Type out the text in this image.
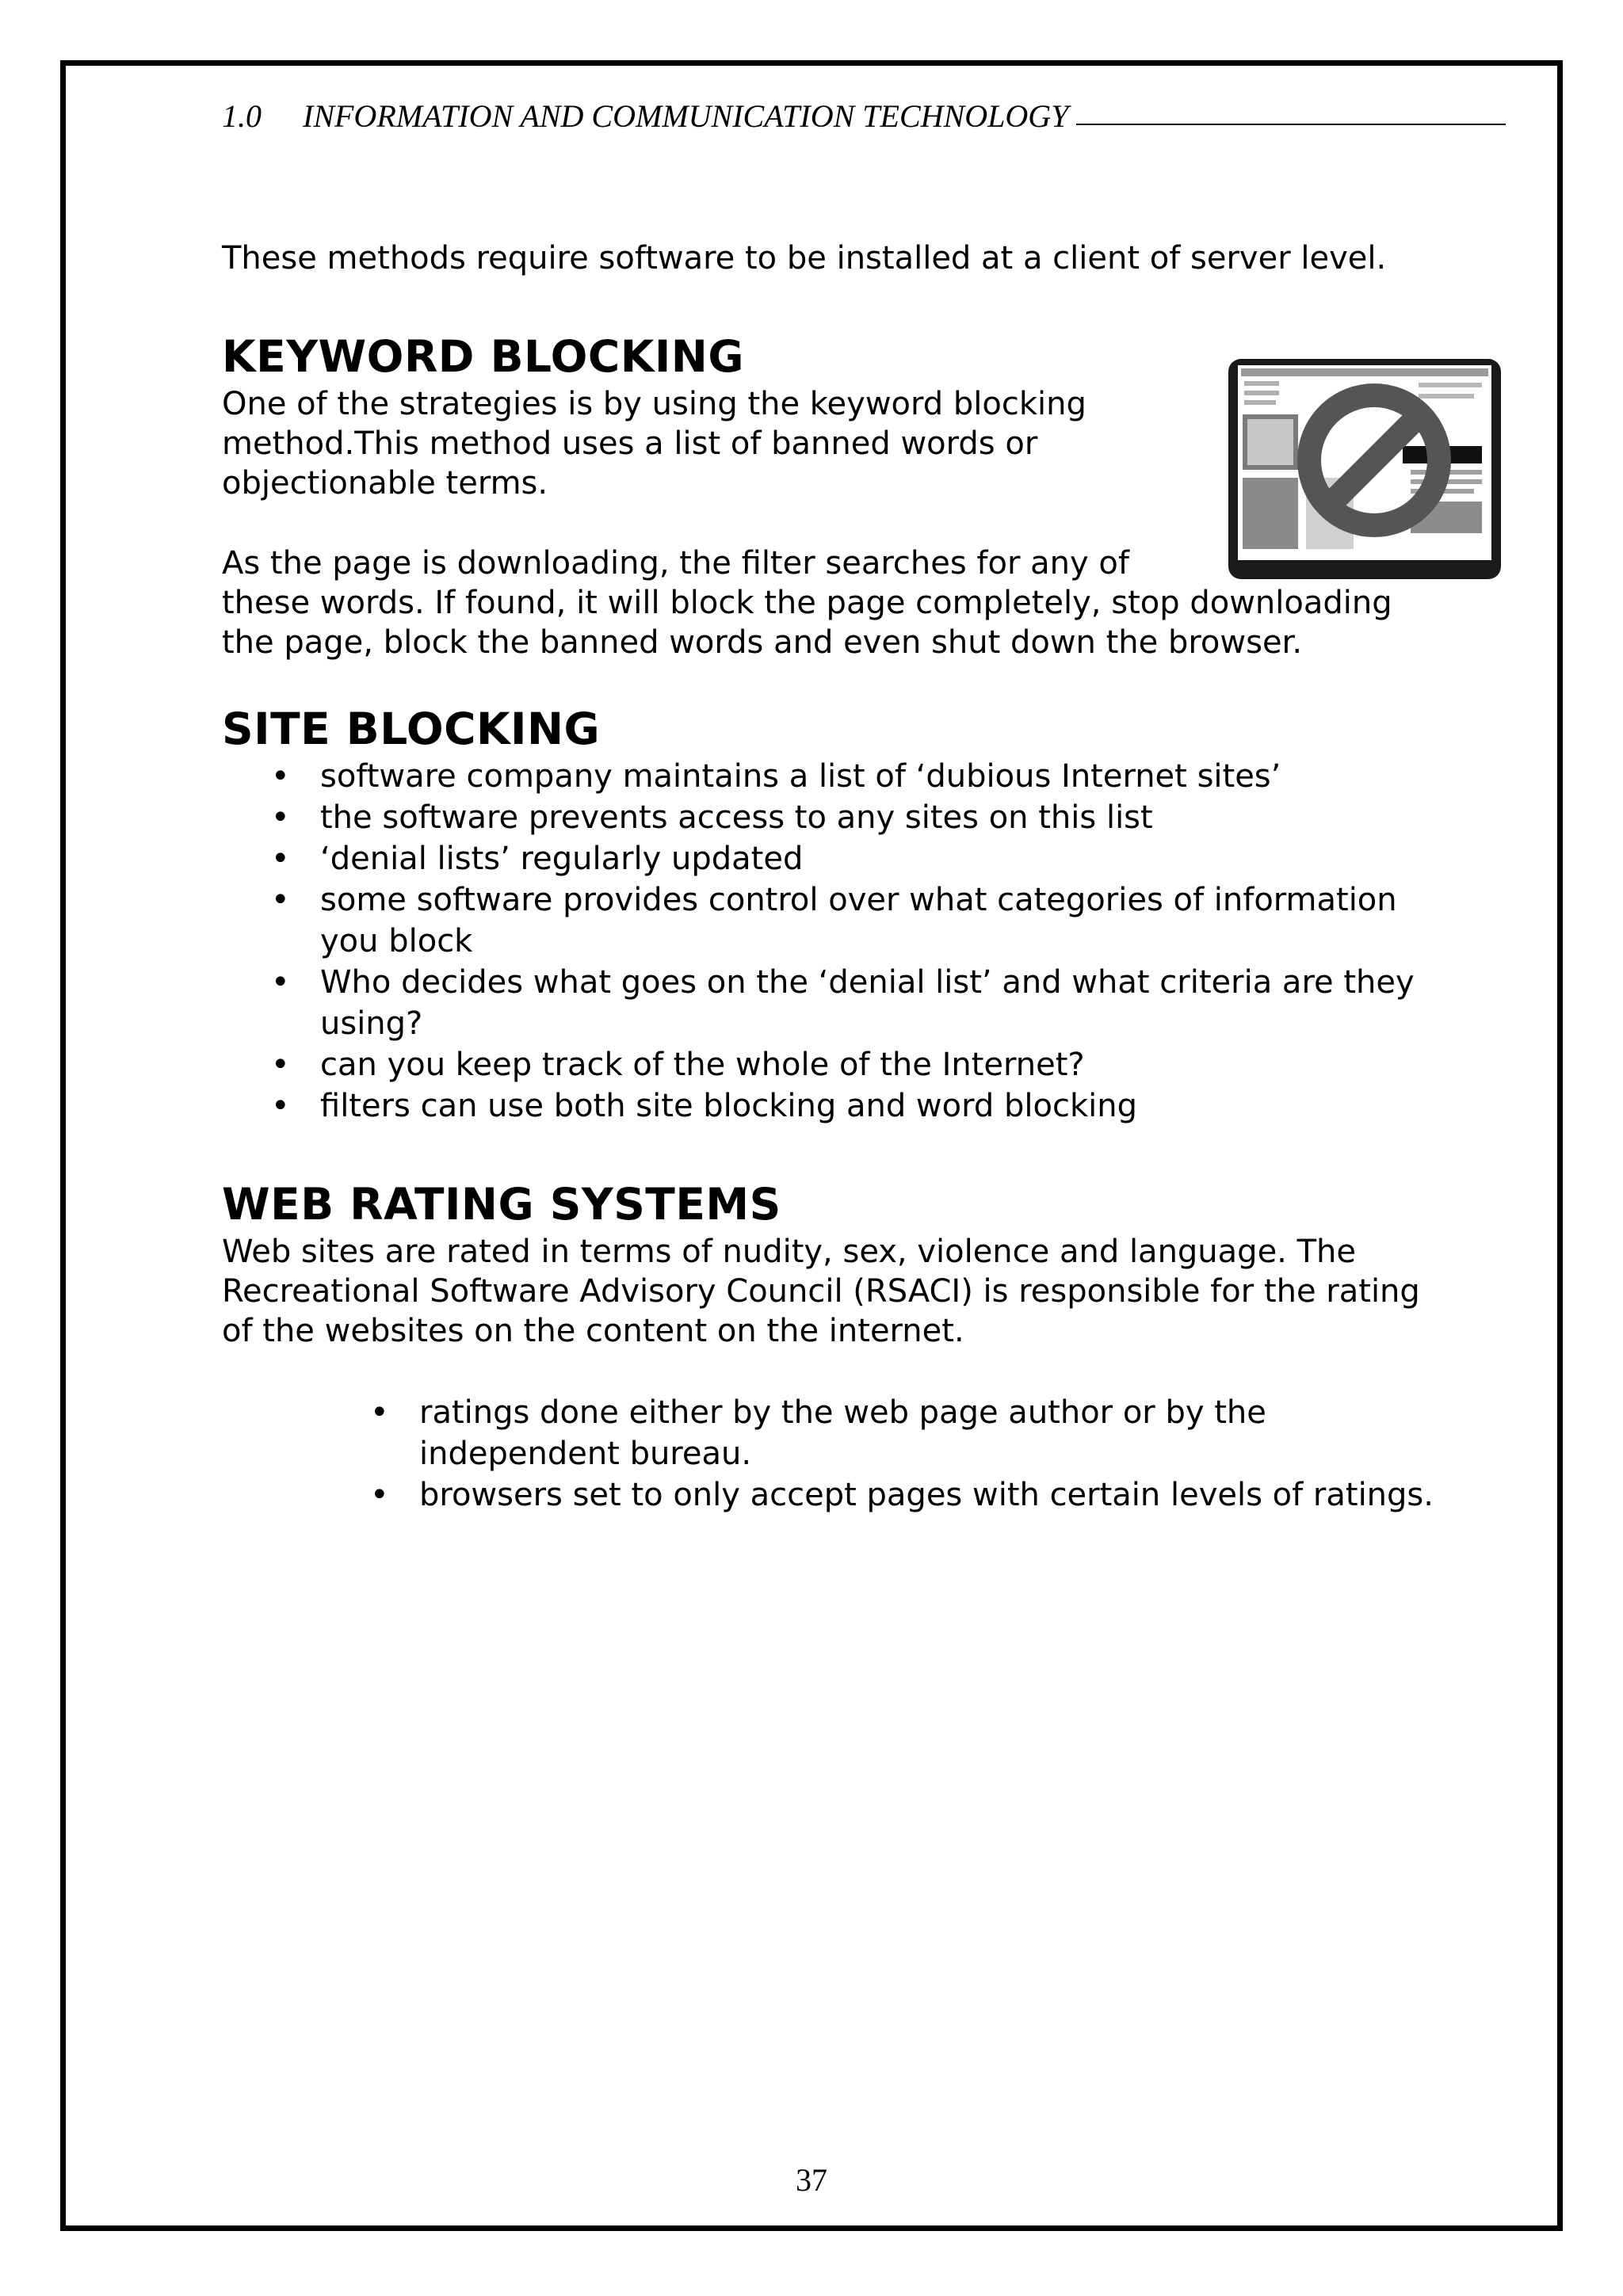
1.0 INFORMATION AND COMMUNICATION TECHNOLOGY

These methods require software to be installed at a client of server level.

KEYWORD BLOCKING

One of the strategies is by using the keyword blocking
method.This method uses a list of banned words or
objectionable terms.

As the page is downloading, the filter searches for any of
these words. If found, it will block the page completely, stop downloading
the page, block the banned words and even shut down the browser.

SITE BLOCKING
• software company maintains a list of ‘dubious Internet sites’
• the software prevents access to any sites on this list
• ‘denial lists’ regularly updated
• some software provides control over what categories of information
you block
• Who decides what goes on the ‘denial list’ and what criteria are they
using?
• can you keep track of the whole of the Internet?
• filters can use both site blocking and word blocking
WEB RATING SYSTEMS

Web sites are rated in terms of nudity, sex, violence and language. The
Recreational Software Advisory Council (RSACI) is responsible for the rating
of the websites on the content on the internet.

• ratings done either by the web page author or by the
independent bureau.
• browsers set to only accept pages with certain levels of ratings.
37
